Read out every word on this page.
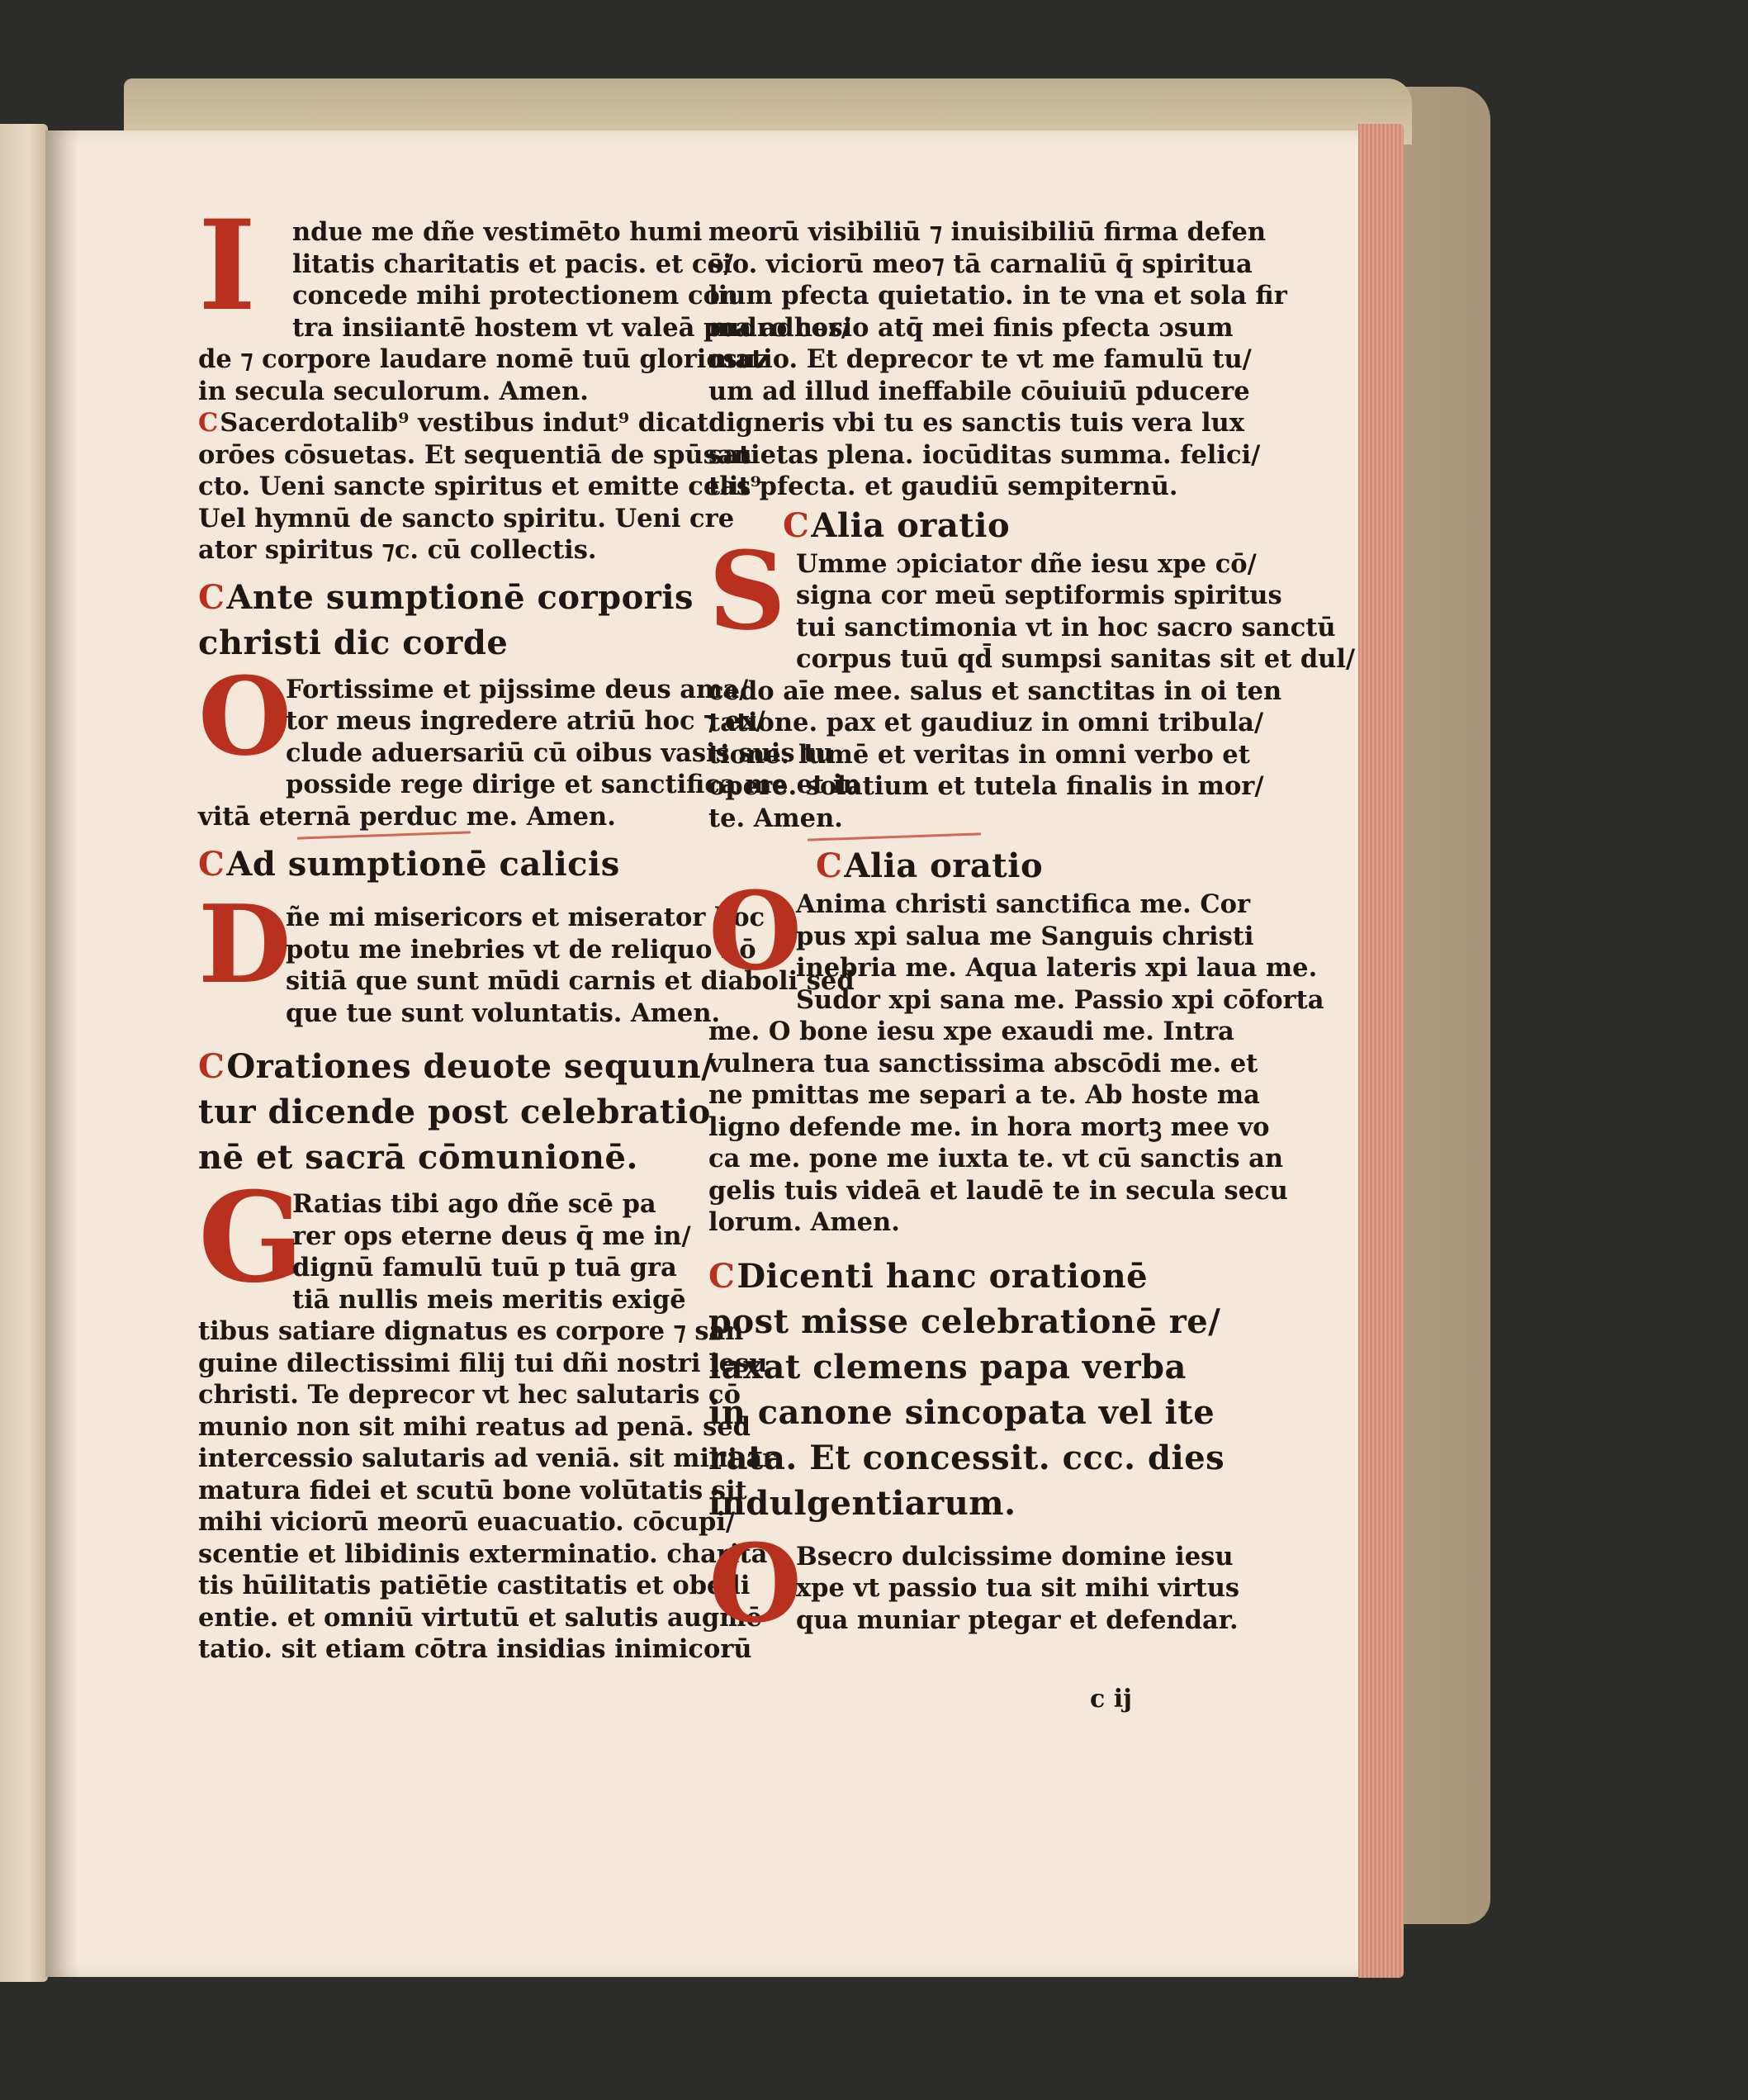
I	ndue me dñe vestimēto humi
litatis charitatis et pacis. et cō/
concede mihi protectionem con
tra insiiantē hostem vt valeā pudro cor/
de ⁊ corpore laudare nomē tuū gloriosuz
in secula seculorum. Amen.
CSacerdotalib⁹ vestibus indut⁹ dicat
orōes cōsuetas. Et sequentiā de spūsan
cto. Ueni sancte spiritus et emitte celit⁹
Uel hymnū de sancto spiritu. Ueni cre
ator spiritus ⁊c. cū collectis.
CAnte sumptionē corporis
christi dic corde
O
Fortissime et pijssime deus ama/
tor meus ingredere atriū hoc ⁊ ex/
clude aduersariū cū oibus vasis suis tu
posside rege dirige et sanctifica me et in
vitā eternā perduc me. Amen.
CAd sumptionē calicis
D
ñe mi misericors et miserator hoc
potu me inebries vt de reliquo nō
sitiā que sunt mūdi carnis et diaboli sed
que tue sunt voluntatis. Amen.
COrationes deuote sequun/
tur dicende post celebratio
nē et sacrā cōmunionē.
G
Ratias tibi ago dñe scē pa
rer ops eterne deus q̄ me in/
dignū famulū tuū p tuā gra
tiā nullis meis meritis exigē
tibus satiare dignatus es corpore ⁊ san
guine dilectissimi filij tui dñi nostri iesu
christi. Te deprecor vt hec salutaris cō
munio non sit mihi reatus ad penā. sed
intercessio salutaris ad veniā. sit mihi ar
matura fidei et scutū bone volūtatis sit
mihi viciorū meorū euacuatio. cōcupi/
scentie et libidinis exterminatio. charita
tis hūilitatis patiētie castitatis et obedi
entie. et omniū virtutū et salutis augmē
tatio. sit etiam cōtra insidias inimicorū
meorū visibiliū ⁊ inuisibiliū firma defen
sio. viciorū meo⁊ tā carnaliū q̄ spiritua
lium pfecta quietatio. in te vna et sola fir
ma adhesio atq̄ mei finis pfecta ɔsum
matio. Et deprecor te vt me famulū tu/
um ad illud ineffabile cōuiuiū pducere
digneris vbi tu es sanctis tuis vera lux
satietas plena. iocūditas summa. felici/
tas pfecta. et gaudiū sempiternū.
CAlia oratio
S Umme ɔpiciator dñe iesu xpe cō/
signa cor meū septiformis spiritus
tui sanctimonia vt in hoc sacro sanctū
corpus tuū qd̄ sumpsi sanitas sit et dul/
cedo aīe mee. salus et sanctitas in oi ten
tatione. pax et gaudiuz in omni tribula/
tione. lumē et veritas in omni verbo et
opere. solatium et tutela finalis in mor/
te. Amen.
CAlia oratio
O
Anima christi sanctifica me. Cor
pus xpi salua me Sanguis christi
inebria me. Aqua lateris xpi laua me.
Sudor xpi sana me. Passio xpi cōforta
me. O bone iesu xpe exaudi me. Intra
vulnera tua sanctissima abscōdi me. et
ne pmittas me separi a te. Ab hoste ma
ligno defende me. in hora mortꝫ mee vo
ca me. pone me iuxta te. vt cū sanctis an
gelis tuis videā et laudē te in secula secu
lorum. Amen.
CDicenti hanc orationē
post misse celebrationē re/
laxat clemens papa verba
in canone sincopata vel ite
rata. Et concessit. ccc. dies
indulgentiarum.
O
Bsecro dulcissime domine iesu
xpe vt passio tua sit mihi virtus
qua muniar ptegar et defendar.
c ij
